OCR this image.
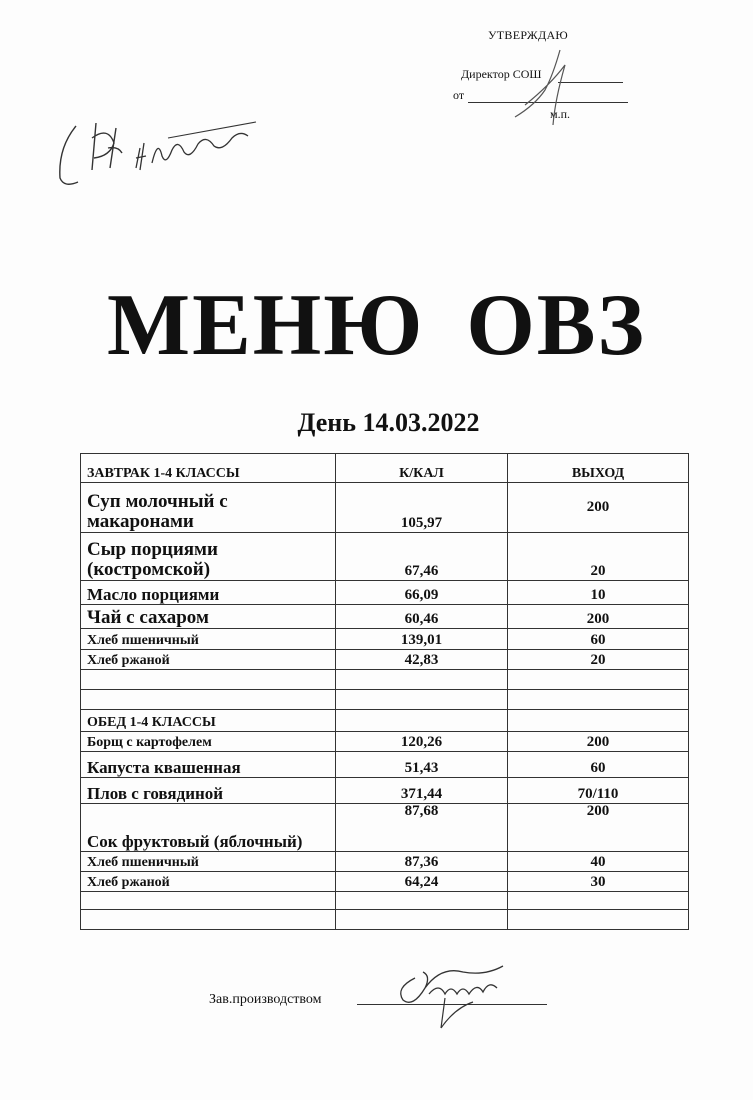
УТВЕРЖДАЮ
Директор СОШ
от
м.п.
МЕНЮ ОВЗ
День 14.03.2022
ЗАВТРАК 1-4 КЛАССЫ	К/КАЛ	ВЫХОД
Суп молочный с макаронами	105,97	200
Сыр порциями (костромской)	67,46	20
Масло порциями	66,09	10
Чай с сахаром	60,46	200
Хлеб пшеничный	139,01	60
Хлеб ржаной	42,83	20

ОБЕД 1-4 КЛАССЫ		
Борщ с картофелем	120,26	200
Капуста квашенная	51,43	60
Плов с говядиной	371,44	70/110
Сок фруктовый (яблочный)	87,68	200
Хлеб пшеничный	87,36	40
Хлеб ржаной	64,24	30

Зав.производством
